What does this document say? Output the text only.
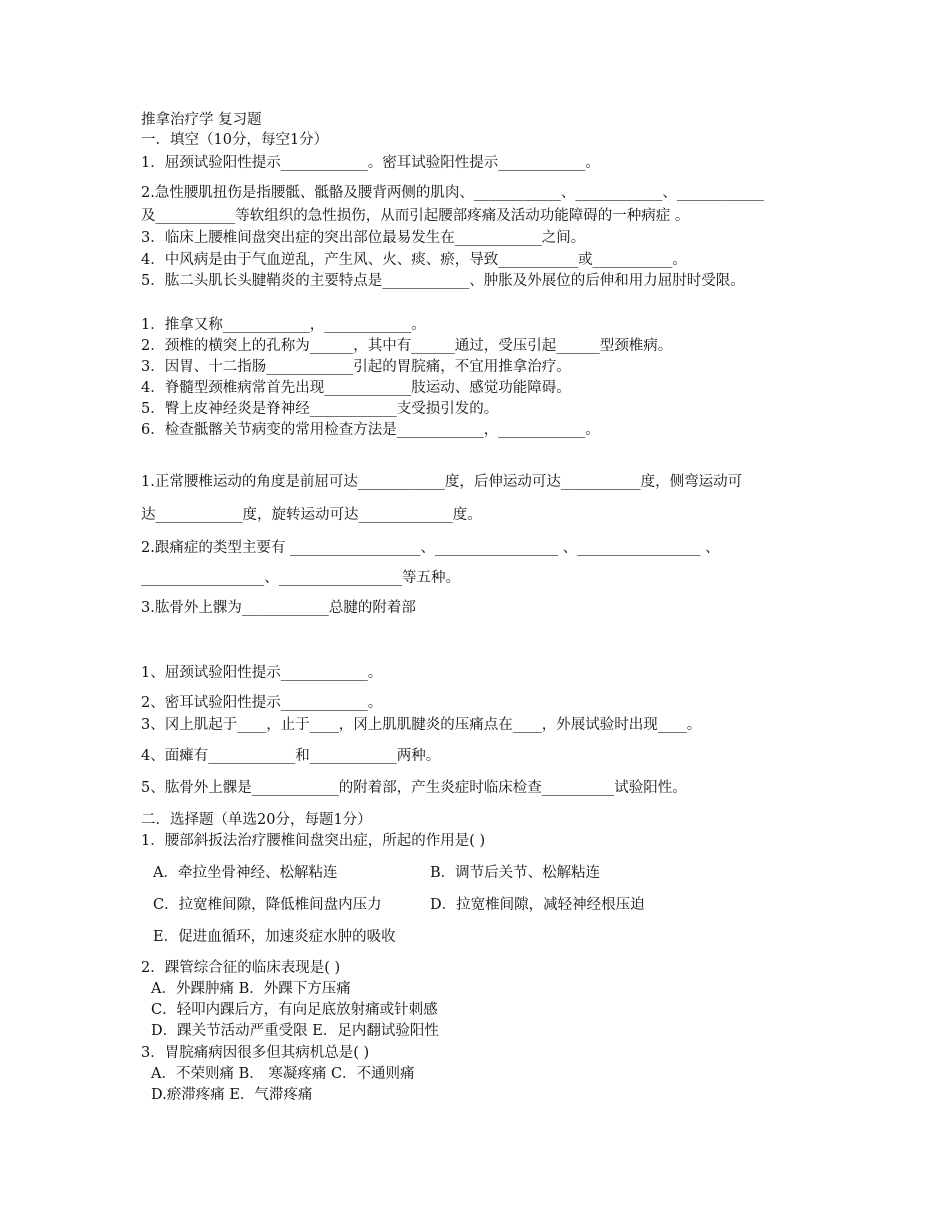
推拿治疗学 复习题
一．填空（10分，每空1分）
1．屈颈试验阳性提示____________。密耳试验阳性提示____________。
2.急性腰肌扭伤是指腰骶、骶骼及腰背两侧的肌肉、____________、____________、____________
及___________等软组织的急性损伤，从而引起腰部疼痛及活动功能障碍的一种病症 。
3．临床上腰椎间盘突出症的突出部位最易发生在____________之间。
4．中风病是由于气血逆乱，产生风、火、痰、瘀，导致___________或___________。
5．肱二头肌长头腱鞘炎的主要特点是____________、肿胀及外展位的后伸和用力屈肘时受限。
1．推拿又称____________，____________。
2．颈椎的横突上的孔称为______，其中有______通过，受压引起______型颈椎病。
3．因胃、十二指肠____________引起的胃脘痛，不宜用推拿治疗。
4．脊髓型颈椎病常首先出现____________肢运动、感觉功能障碍。
5．臀上皮神经炎是脊神经____________支受损引发的。
6．检查骶髂关节病变的常用检查方法是____________，____________。
1.正常腰椎运动的角度是前屈可达____________度，后伸运动可达___________度，侧弯运动可
达____________度，旋转运动可达_____________度。
2.跟痛症的类型主要有 __________________、_________________ 、_________________ 、
_________________、_________________等五种。
3.肱骨外上髁为____________总腱的附着部
1、屈颈试验阳性提示____________。
2、密耳试验阳性提示____________。
3、冈上肌起于____，止于____，冈上肌肌腱炎的压痛点在____，外展试验时出现____。
4、面瘫有____________和____________两种。
5、肱骨外上髁是____________的附着部，产生炎症时临床检查__________试验阳性。
二．选择题（单选20分，每题1分）
1．腰部斜扳法治疗腰椎间盘突出症，所起的作用是( )
A．牵拉坐骨神经、松解粘连	B．调节后关节、松解粘连
C．拉宽椎间隙，降低椎间盘内压力	D．拉宽椎间隙，减轻神经根压迫
E．促进血循环，加速炎症水肿的吸收
2．踝管综合征的临床表现是( )
A．外踝肿痛 B．外踝下方压痛
C．轻叩内踝后方，有向足底放射痛或针刺感
D．踝关节活动严重受限 E．足内翻试验阳性
3．胃脘痛病因很多但其病机总是( )
A．不荣则痛 B． 寒凝疼痛 C．不通则痛
D.瘀滞疼痛 E．气滞疼痛
